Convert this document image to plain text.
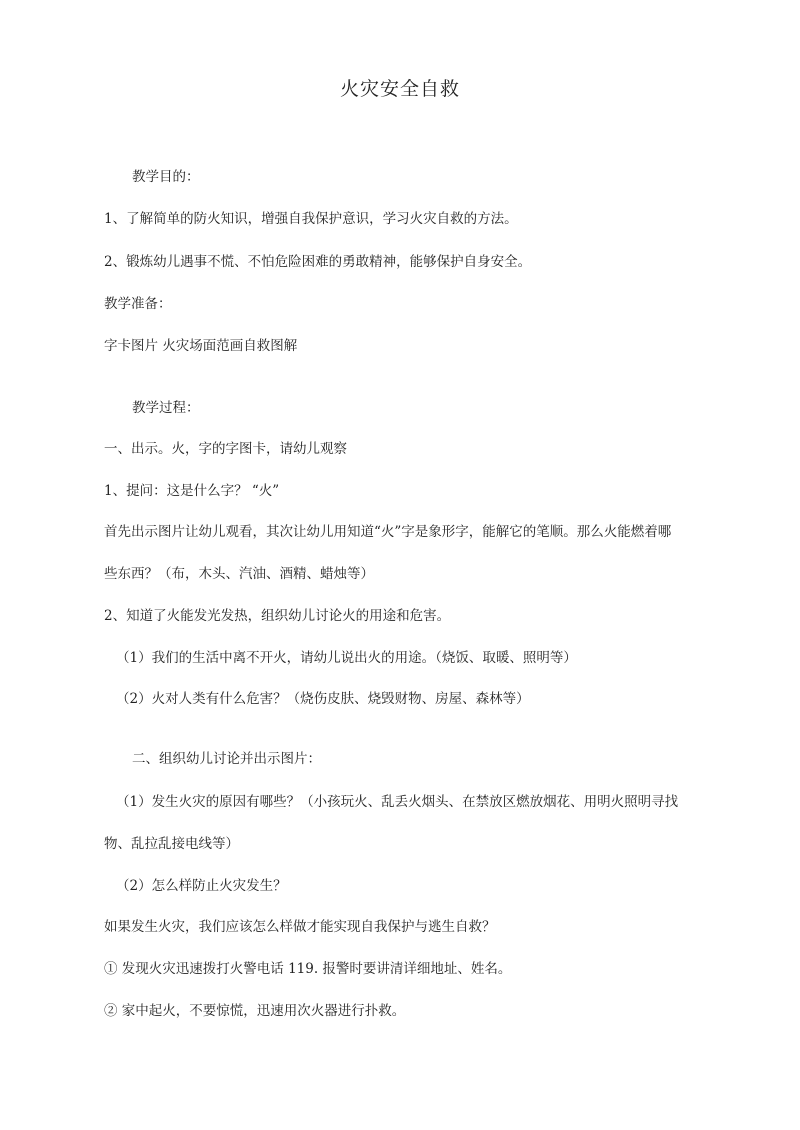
火灾安全自救
教学目的：
1、了解简单的防火知识，增强自我保护意识，学习火灾自救的方法。
2、锻炼幼儿遇事不慌、不怕危险困难的勇敢精神，能够保护自身安全。
教学准备：
字卡图片 火灾场面范画自救图解
教学过程：
一、出示。火，字的字图卡，请幼儿观察
1、提问：这是什么字？ “火”
首先出示图片让幼儿观看，其次让幼儿用知道“火”字是象形字，能解它的笔顺。那么火能燃着哪
些东西？（布，木头、汽油、酒精、蜡烛等）
2、知道了火能发光发热，组织幼儿讨论火的用途和危害。
（1）我们的生活中离不开火，请幼儿说出火的用途。（烧饭、取暖、照明等）
（2）火对人类有什么危害？（烧伤皮肤、烧毁财物、房屋、森林等）
二、组织幼儿讨论并出示图片：
（1）发生火灾的原因有哪些？（小孩玩火、乱丢火烟头、在禁放区燃放烟花、用明火照明寻找
物、乱拉乱接电线等）
（2）怎么样防止火灾发生？
如果发生火灾，我们应该怎么样做才能实现自我保护与逃生自救？
① 发现火灾迅速拨打火警电话 119. 报警时要讲清详细地址、姓名。
② 家中起火，不要惊慌，迅速用次火器进行扑救。
